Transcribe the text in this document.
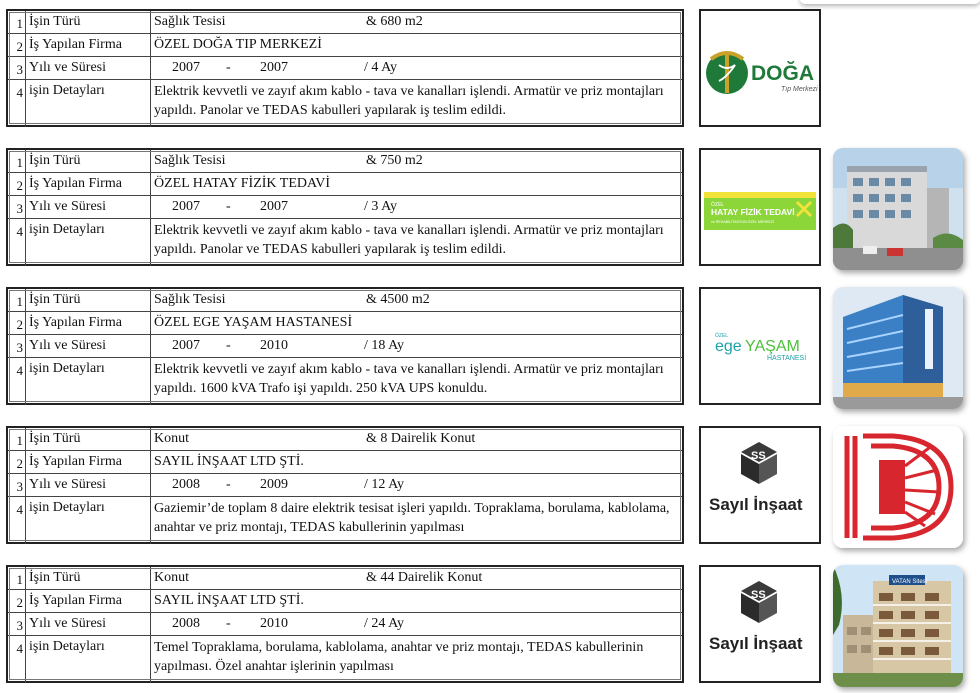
1 İşin Türü	Sağlık Tesisi	& 680 m2
2 İş Yapılan Firma	ÖZEL DOĞA TIP MERKEZİ
3 Yılı ve Süresi	2007 - 2007	/ 4 Ay
4 işin Detayları	Elektrik kevvetli ve zayıf akım kablo - tava ve kanalları işlendi. Armatür ve priz montajları yapıldı. Panolar ve TEDAS kabulleri yapılarak iş teslim edildi.
DOĞA
Tıp Merkezi
1 İşin Türü	Sağlık Tesisi	& 750 m2
2 İş Yapılan Firma	ÖZEL HATAY FİZİK TEDAVİ
3 Yılı ve Süresi	2007 - 2007	/ 3 Ay
4 işin Detayları	Elektrik kevvetli ve zayıf akım kablo - tava ve kanalları işlendi. Armatür ve priz montajları yapıldı. Panolar ve TEDAS kabulleri yapılarak iş teslim edildi.
ÖZEL
HATAY FİZİK TEDAVİ
ve REHABİLİTASYON ÖZEL MERKEZİ
1 İşin Türü	Sağlık Tesisi	& 4500 m2
2 İş Yapılan Firma	ÖZEL EGE YAŞAM HASTANESİ
3 Yılı ve Süresi	2007 - 2010	/ 18 Ay
4 işin Detayları	Elektrik kevvetli ve zayıf akım kablo - tava ve kanalları işlendi. Armatür ve priz montajları yapıldı. 1600 kVA Trafo işi yapıldı. 250 kVA UPS konuldu.
ÖZEL
ege YAŞAM
HASTANESİ
1 İşin Türü	Konut	& 8 Dairelik Konut
2 İş Yapılan Firma	SAYIL İNŞAAT LTD ŞTİ.
3 Yılı ve Süresi	2008 - 2009	/ 12 Ay
4 işin Detayları	Gaziemir’de toplam 8 daire elektrik tesisat işleri yapıldı. Topraklama, borulama, kablolama, anahtar ve priz montajı, TEDAS kabullerinin yapılması
SS
Sayıl İnşaat
1 İşin Türü	Konut	& 44 Dairelik Konut
2 İş Yapılan Firma	SAYIL İNŞAAT LTD ŞTİ.
3 Yılı ve Süresi	2008 - 2010	/ 24 Ay
4 işin Detayları	Temel Topraklama, borulama, kablolama, anahtar ve priz montajı, TEDAS kabullerinin yapılması. Özel anahtar işlerinin yapılması
SS
Sayıl İnşaat
VATAN Sitesi
